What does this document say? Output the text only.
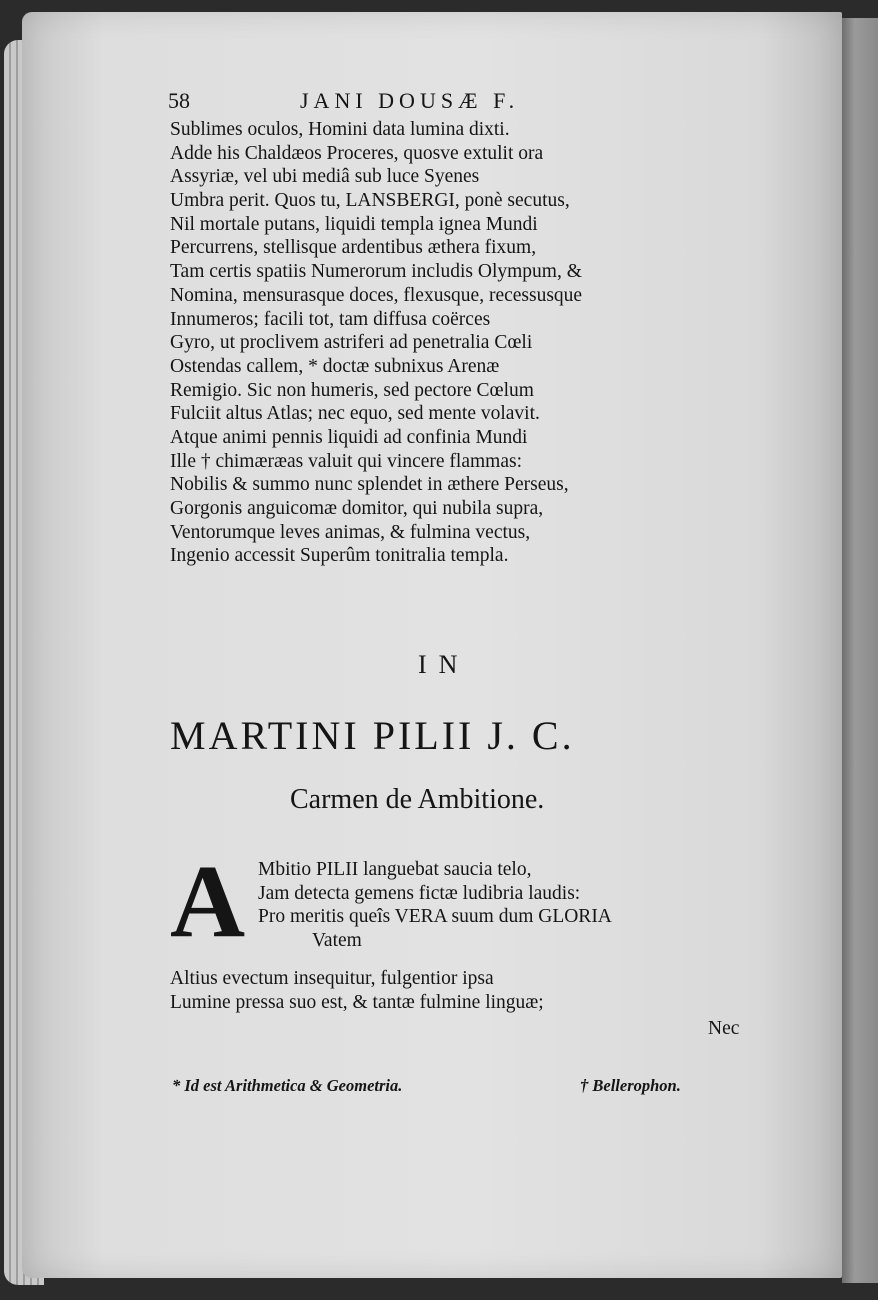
58	JANI DOUSÆ F.
Sublimes oculos, Homini data lumina dixti.
Adde his Chaldæos Proceres, quosve extulit ora
Assyriæ, vel ubi mediâ sub luce Syenes
Umbra perit. Quos tu, LANSBERGI, ponè secutus,
Nil mortale putans, liquidi templa ignea Mundi
Percurrens, stellisque ardentibus æthera fixum,
Tam certis spatiis Numerorum includis Olympum, &
Nomina, mensurasque doces, flexusque, recessusque
Innumeros; facili tot, tam diffusa coërces
Gyro, ut proclivem astriferi ad penetralia Cœli
Ostendas callem, * doctæ subnixus Arenæ
Remigio. Sic non humeris, sed pectore Cœlum
Fulciit altus Atlas; nec equo, sed mente volavit.
Atque animi pennis liquidi ad confinia Mundi
Ille † chimæræas valuit qui vincere flammas:
Nobilis & summo nunc splendet in æthere Perseus,
Gorgonis anguicomæ domitor, qui nubila supra,
Ventorumque leves animas, & fulmina vectus,
Ingenio accessit Superûm tonitralia templa.
IN
MARTINI PILII J. C.
Carmen de Ambitione.
A Mbitio PILII languebat saucia telo,
Jam detecta gemens fictæ ludibria laudis:
Pro meritis queîs VERA suum dum GLORIA
Vatem
Altius evectum insequitur, fulgentior ipsa
Lumine pressa suo est, & tantæ fulmine linguæ;
Nec
* Id est Arithmetica & Geometria.	† Bellerophon.
